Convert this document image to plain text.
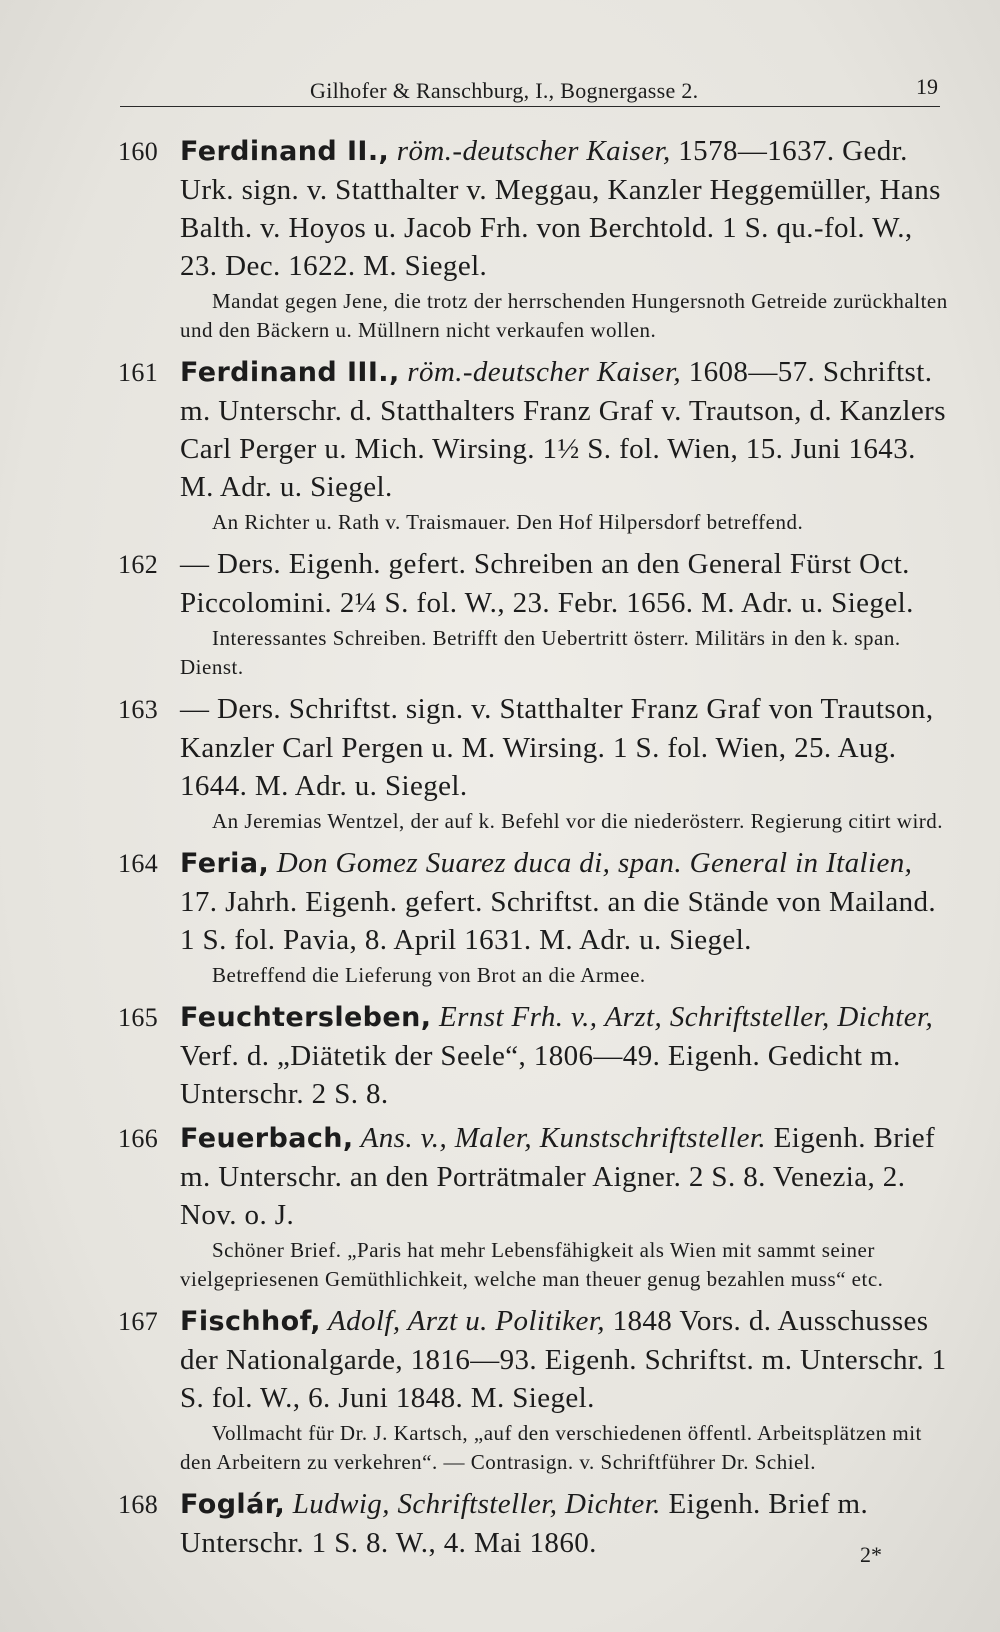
Gilhofer & Ranschburg, I., Bognergasse 2.	19
160 Ferdinand II., röm.-deutscher Kaiser, 1578—1637. Gedr. Urk. sign. v. Statthalter v. Meggau, Kanzler Heggemüller, Hans Balth. v. Hoyos u. Jacob Frh. von Berchtold. 1 S. qu.-fol. W., 23. Dec. 1622. M. Siegel.
Mandat gegen Jene, die trotz der herrschenden Hungersnoth Getreide zurückhalten und den Bäckern u. Müllnern nicht verkaufen wollen.
161 Ferdinand III., röm.-deutscher Kaiser, 1608—57. Schriftst. m. Unterschr. d. Statthalters Franz Graf v. Trautson, d. Kanzlers Carl Perger u. Mich. Wirsing. 1½ S. fol. Wien, 15. Juni 1643. M. Adr. u. Siegel.
An Richter u. Rath v. Traismauer. Den Hof Hilpersdorf betreffend.
162 — Ders. Eigenh. gefert. Schreiben an den General Fürst Oct. Piccolomini. 2¼ S. fol. W., 23. Febr. 1656. M. Adr. u. Siegel.
Interessantes Schreiben. Betrifft den Uebertritt österr. Militärs in den k. span. Dienst.
163 — Ders. Schriftst. sign. v. Statthalter Franz Graf von Trautson, Kanzler Carl Pergen u. M. Wirsing. 1 S. fol. Wien, 25. Aug. 1644. M. Adr. u. Siegel.
An Jeremias Wentzel, der auf k. Befehl vor die niederösterr. Regierung citirt wird.
164 Feria, Don Gomez Suarez duca di, span. General in Italien, 17. Jahrh. Eigenh. gefert. Schriftst. an die Stände von Mailand. 1 S. fol. Pavia, 8. April 1631. M. Adr. u. Siegel.
Betreffend die Lieferung von Brot an die Armee.
165 Feuchtersleben, Ernst Frh. v., Arzt, Schriftsteller, Dichter, Verf. d. „Diätetik der Seele“, 1806—49. Eigenh. Gedicht m. Unterschr. 2 S. 8.
166 Feuerbach, Ans. v., Maler, Kunstschriftsteller. Eigenh. Brief m. Unterschr. an den Porträtmaler Aigner. 2 S. 8. Venezia, 2. Nov. o. J.
Schöner Brief. „Paris hat mehr Lebensfähigkeit als Wien mit sammt seiner vielgepriesenen Gemüthlichkeit, welche man theuer genug bezahlen muss“ etc.
167 Fischhof, Adolf, Arzt u. Politiker, 1848 Vors. d. Ausschusses der Nationalgarde, 1816—93. Eigenh. Schriftst. m. Unterschr. 1 S. fol. W., 6. Juni 1848. M. Siegel.
Vollmacht für Dr. J. Kartsch, „auf den verschiedenen öffentl. Arbeitsplätzen mit den Arbeitern zu verkehren“. — Contrasign. v. Schriftführer Dr. Schiel.
168 Foglár, Ludwig, Schriftsteller, Dichter. Eigenh. Brief m. Unterschr. 1 S. 8. W., 4. Mai 1860.	2*
